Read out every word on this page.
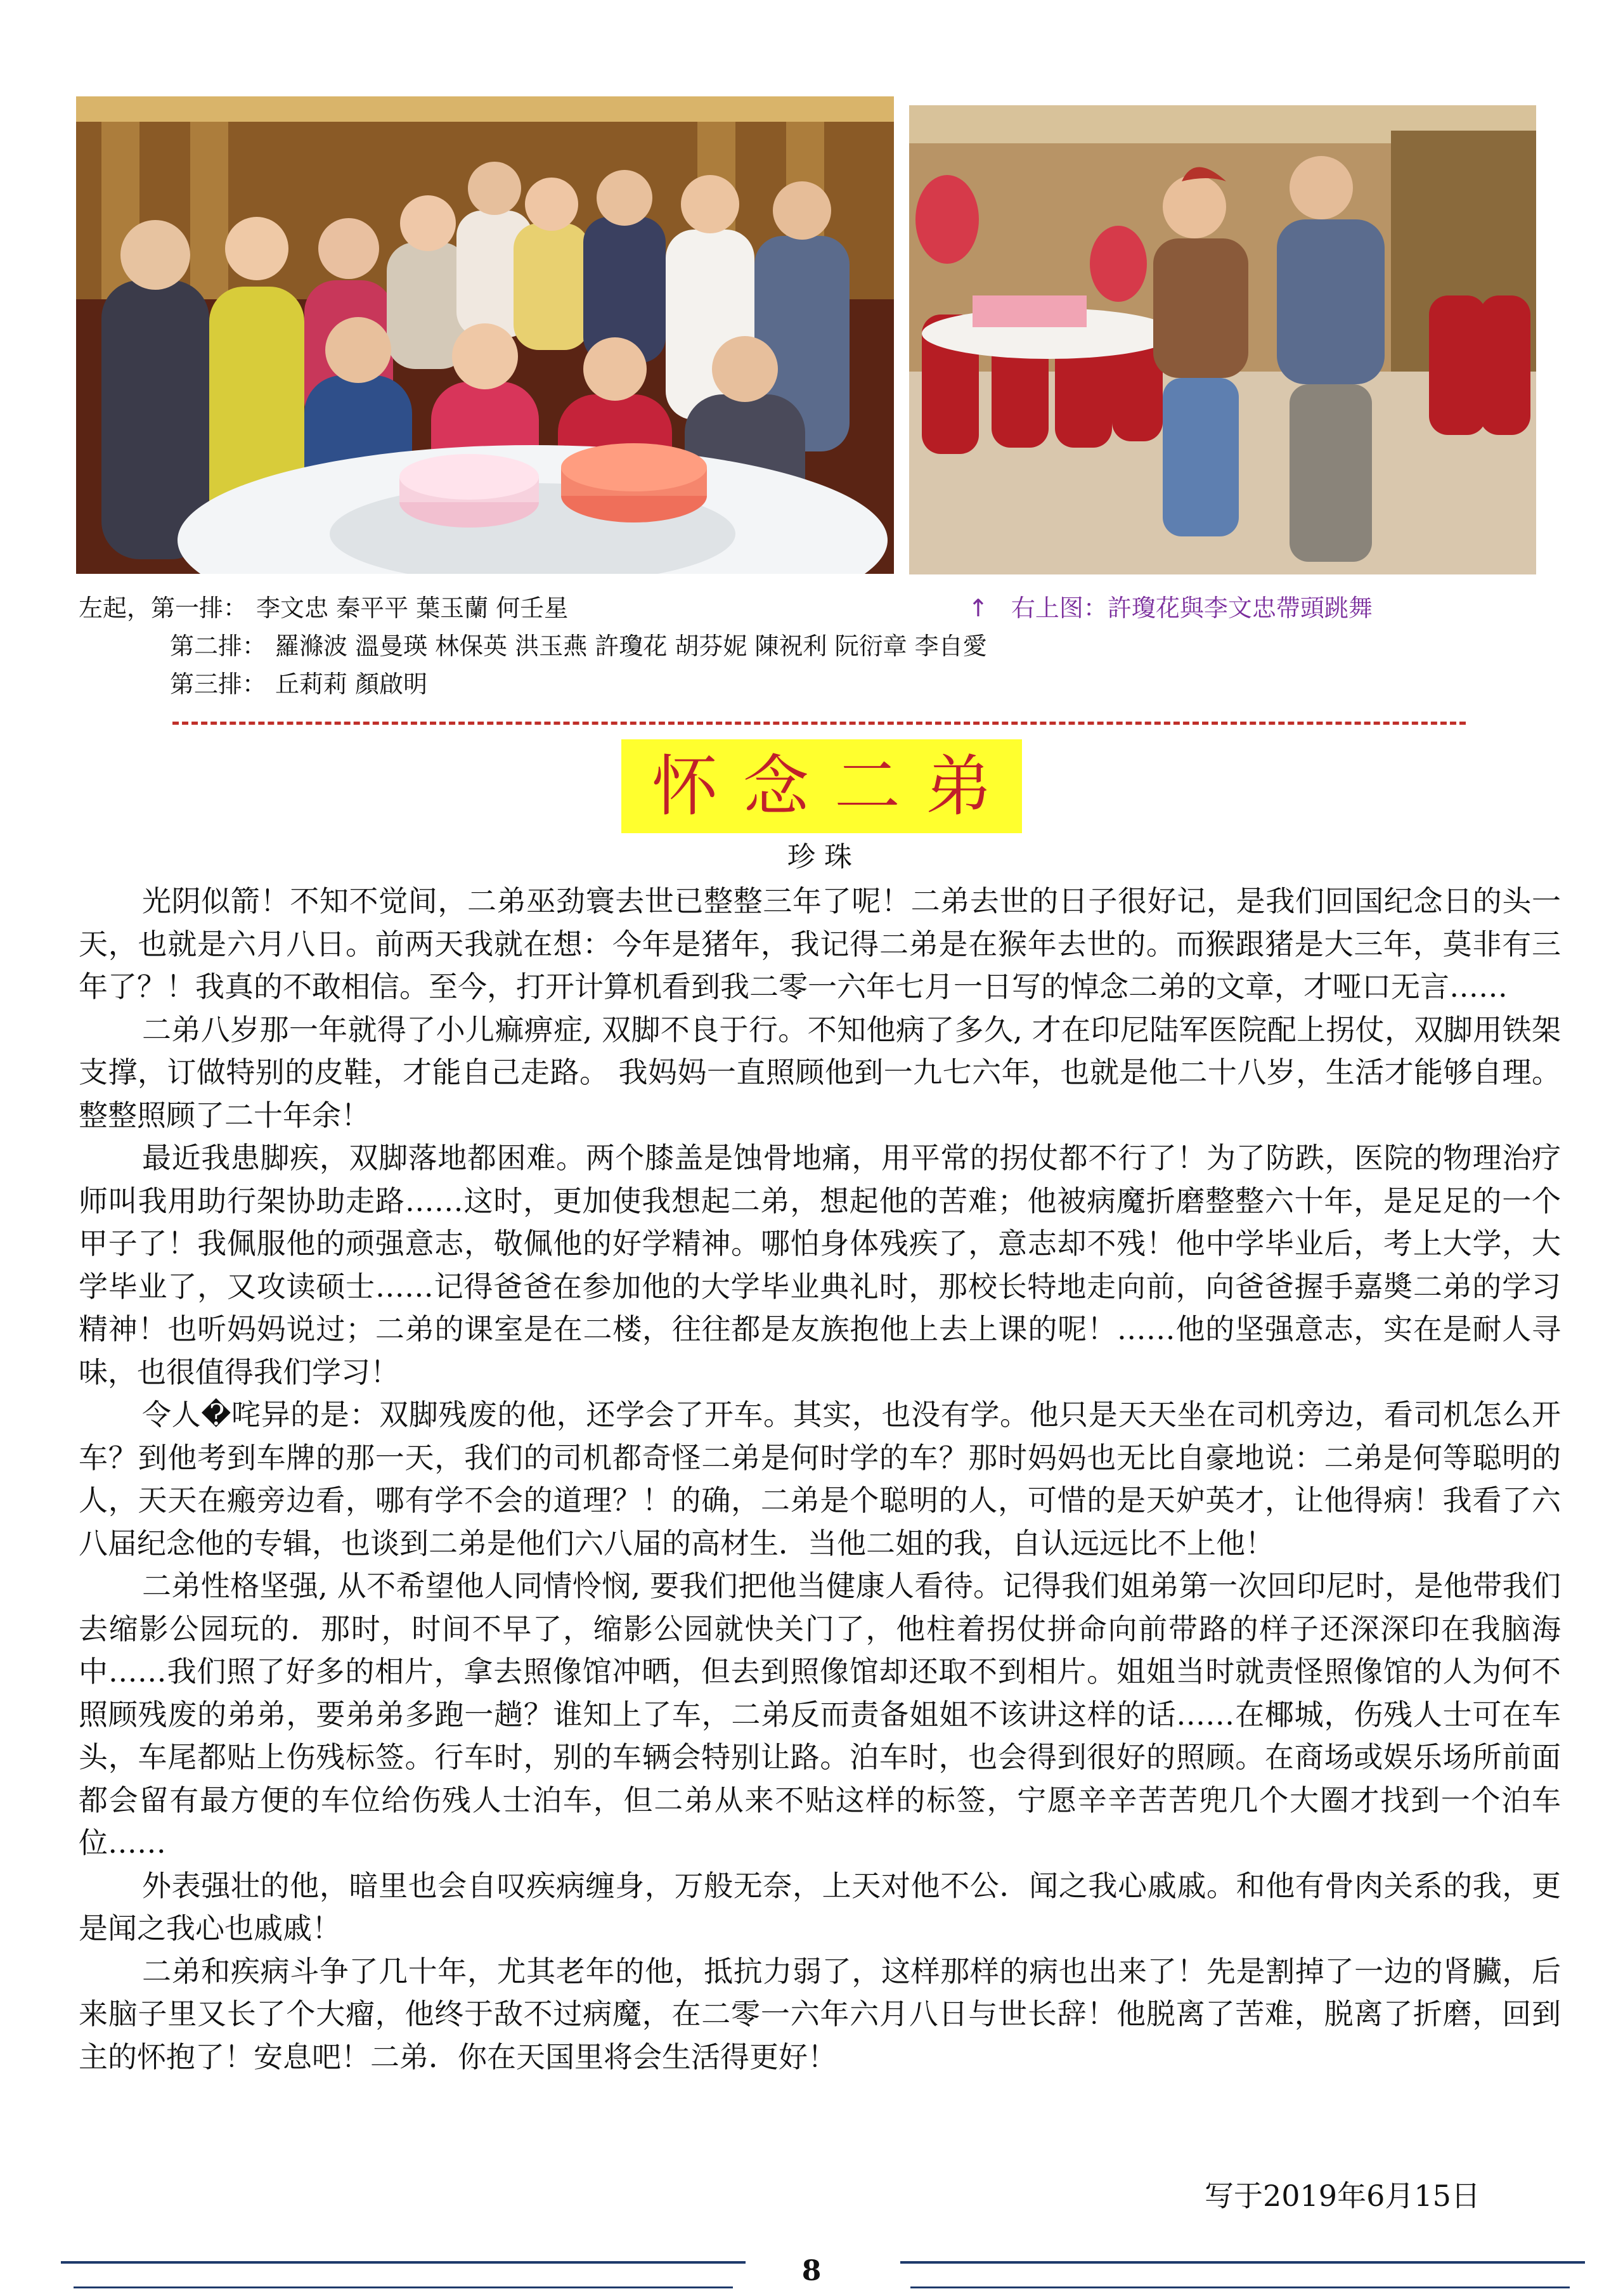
左起，第一排： 李文忠 秦平平 葉玉蘭 何壬星
第二排： 羅滌波 溫曼瑛 林保英 洪玉燕 許瓊花 胡芬妮 陳祝利 阮衍章 李自愛
第三排： 丘莉莉 顏啟明
↑ 右上图：許瓊花與李文忠帶頭跳舞
怀念二弟
珍珠

光阴似箭！不知不觉间，二弟巫劲寰去世已整整三年了呢！二弟去世的日子很好记，是我们回国纪念日的头一天，也就是六月八日。前两天我就在想：今年是猪年，我记得二弟是在猴年去世的。而猴跟猪是大三年，莫非有三年了？！我真的不敢相信。至今，打开计算机看到我二零一六年七月一日写的悼念二弟的文章，才哑口无言……

二弟八岁那一年就得了小儿痲痹症, 双脚不良于行。不知他病了多久, 才在印尼陆军医院配上拐仗，双脚用铁架支撑，订做特别的皮鞋，才能自己走路。 我妈妈一直照顾他到一九七六年，也就是他二十八岁，生活才能够自理。整整照顾了二十年余！

最近我患脚疾，双脚落地都困难。两个膝盖是蚀骨地痛，用平常的拐仗都不行了！为了防跌，医院的物理治疗师叫我用助行架协助走路……这时，更加使我想起二弟，想起他的苦难；他被病魔折磨整整六十年，是足足的一个甲子了！我佩服他的顽强意志，敬佩他的好学精神。哪怕身体残疾了，意志却不残！他中学毕业后，考上大学，大学毕业了，又攻读硕士……记得爸爸在参加他的大学毕业典礼时，那校长特地走向前，向爸爸握手嘉奬二弟的学习精神！也听妈妈说过；二弟的课室是在二楼，往往都是友族抱他上去上课的呢！……他的坚强意志，实在是耐人寻味，也很值得我们学习！

令人�咤异的是：双脚残废的他，还学会了开车。其实，也没有学。他只是天天坐在司机旁边，看司机怎么开车？到他考到车牌的那一天，我们的司机都奇怪二弟是何时学的车？那时妈妈也无比自豪地说：二弟是何等聪明的人，天天在瘢旁边看，哪有学不会的道理？！的确，二弟是个聪明的人，可惜的是天妒英才，让他得病！我看了六八届纪念他的专辑，也谈到二弟是他们六八届的高材生．当他二姐的我，自认远远比不上他！

二弟性格坚强, 从不希望他人同情怜悯, 要我们把他当健康人看待。记得我们姐弟第一次回印尼时，是他带我们去缩影公园玩的．那时，时间不早了，缩影公园就快关门了，他柱着拐仗拼命向前带路的样子还深深印在我脑海中……我们照了好多的相片，拿去照像馆冲晒，但去到照像馆却还取不到相片。姐姐当时就责怪照像馆的人为何不照顾残废的弟弟，要弟弟多跑一趟？谁知上了车，二弟反而责备姐姐不该讲这样的话……在椰城，伤残人士可在车头，车尾都贴上伤残标签。行车时，别的车辆会特别让路。泊车时，也会得到很好的照顾。在商场或娱乐场所前面都会留有最方便的车位给伤残人士泊车，但二弟从来不贴这样的标签，宁愿辛辛苦苦兜几个大圈才找到一个泊车位……

外表强壮的他，暗里也会自叹疾病缠身，万般无奈，上天对他不公．闻之我心戚戚。和他有骨肉关系的我，更是闻之我心也戚戚！

二弟和疾病斗争了几十年，尤其老年的他，抵抗力弱了，这样那样的病也出来了！先是割掉了一边的肾臟，后来脑子里又长了个大瘤，他终于敌不过病魔，在二零一六年六月八日与世长辞！他脱离了苦难，脱离了折磨，回到主的怀抱了！安息吧！二弟．你在天国里将会生活得更好！

写于2019年6月15日
8
